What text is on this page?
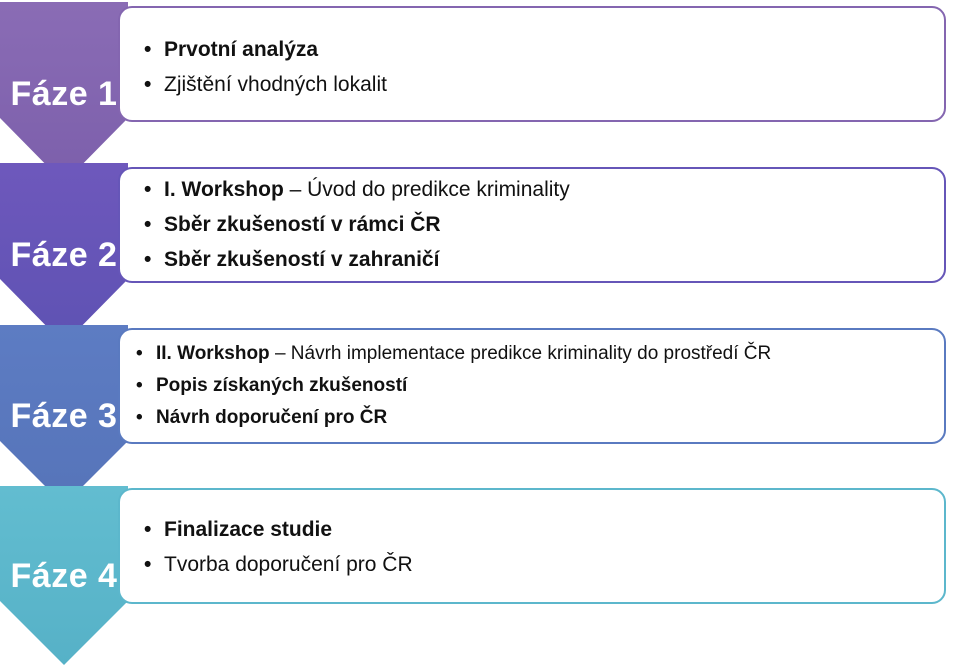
• Prvotní analýza
• Zjištění vhodných lokalit
Fáze 1
• I. Workshop – Úvod do predikce kriminality
• Sběr zkušeností v rámci ČR
• Sběr zkušeností v zahraničí
Fáze 2
• II. Workshop – Návrh implementace predikce kriminality do prostředí ČR
• Popis získaných zkušeností
• Návrh doporučení pro ČR
Fáze 3
• Finalizace studie
• Tvorba doporučení pro ČR
Fáze 4
